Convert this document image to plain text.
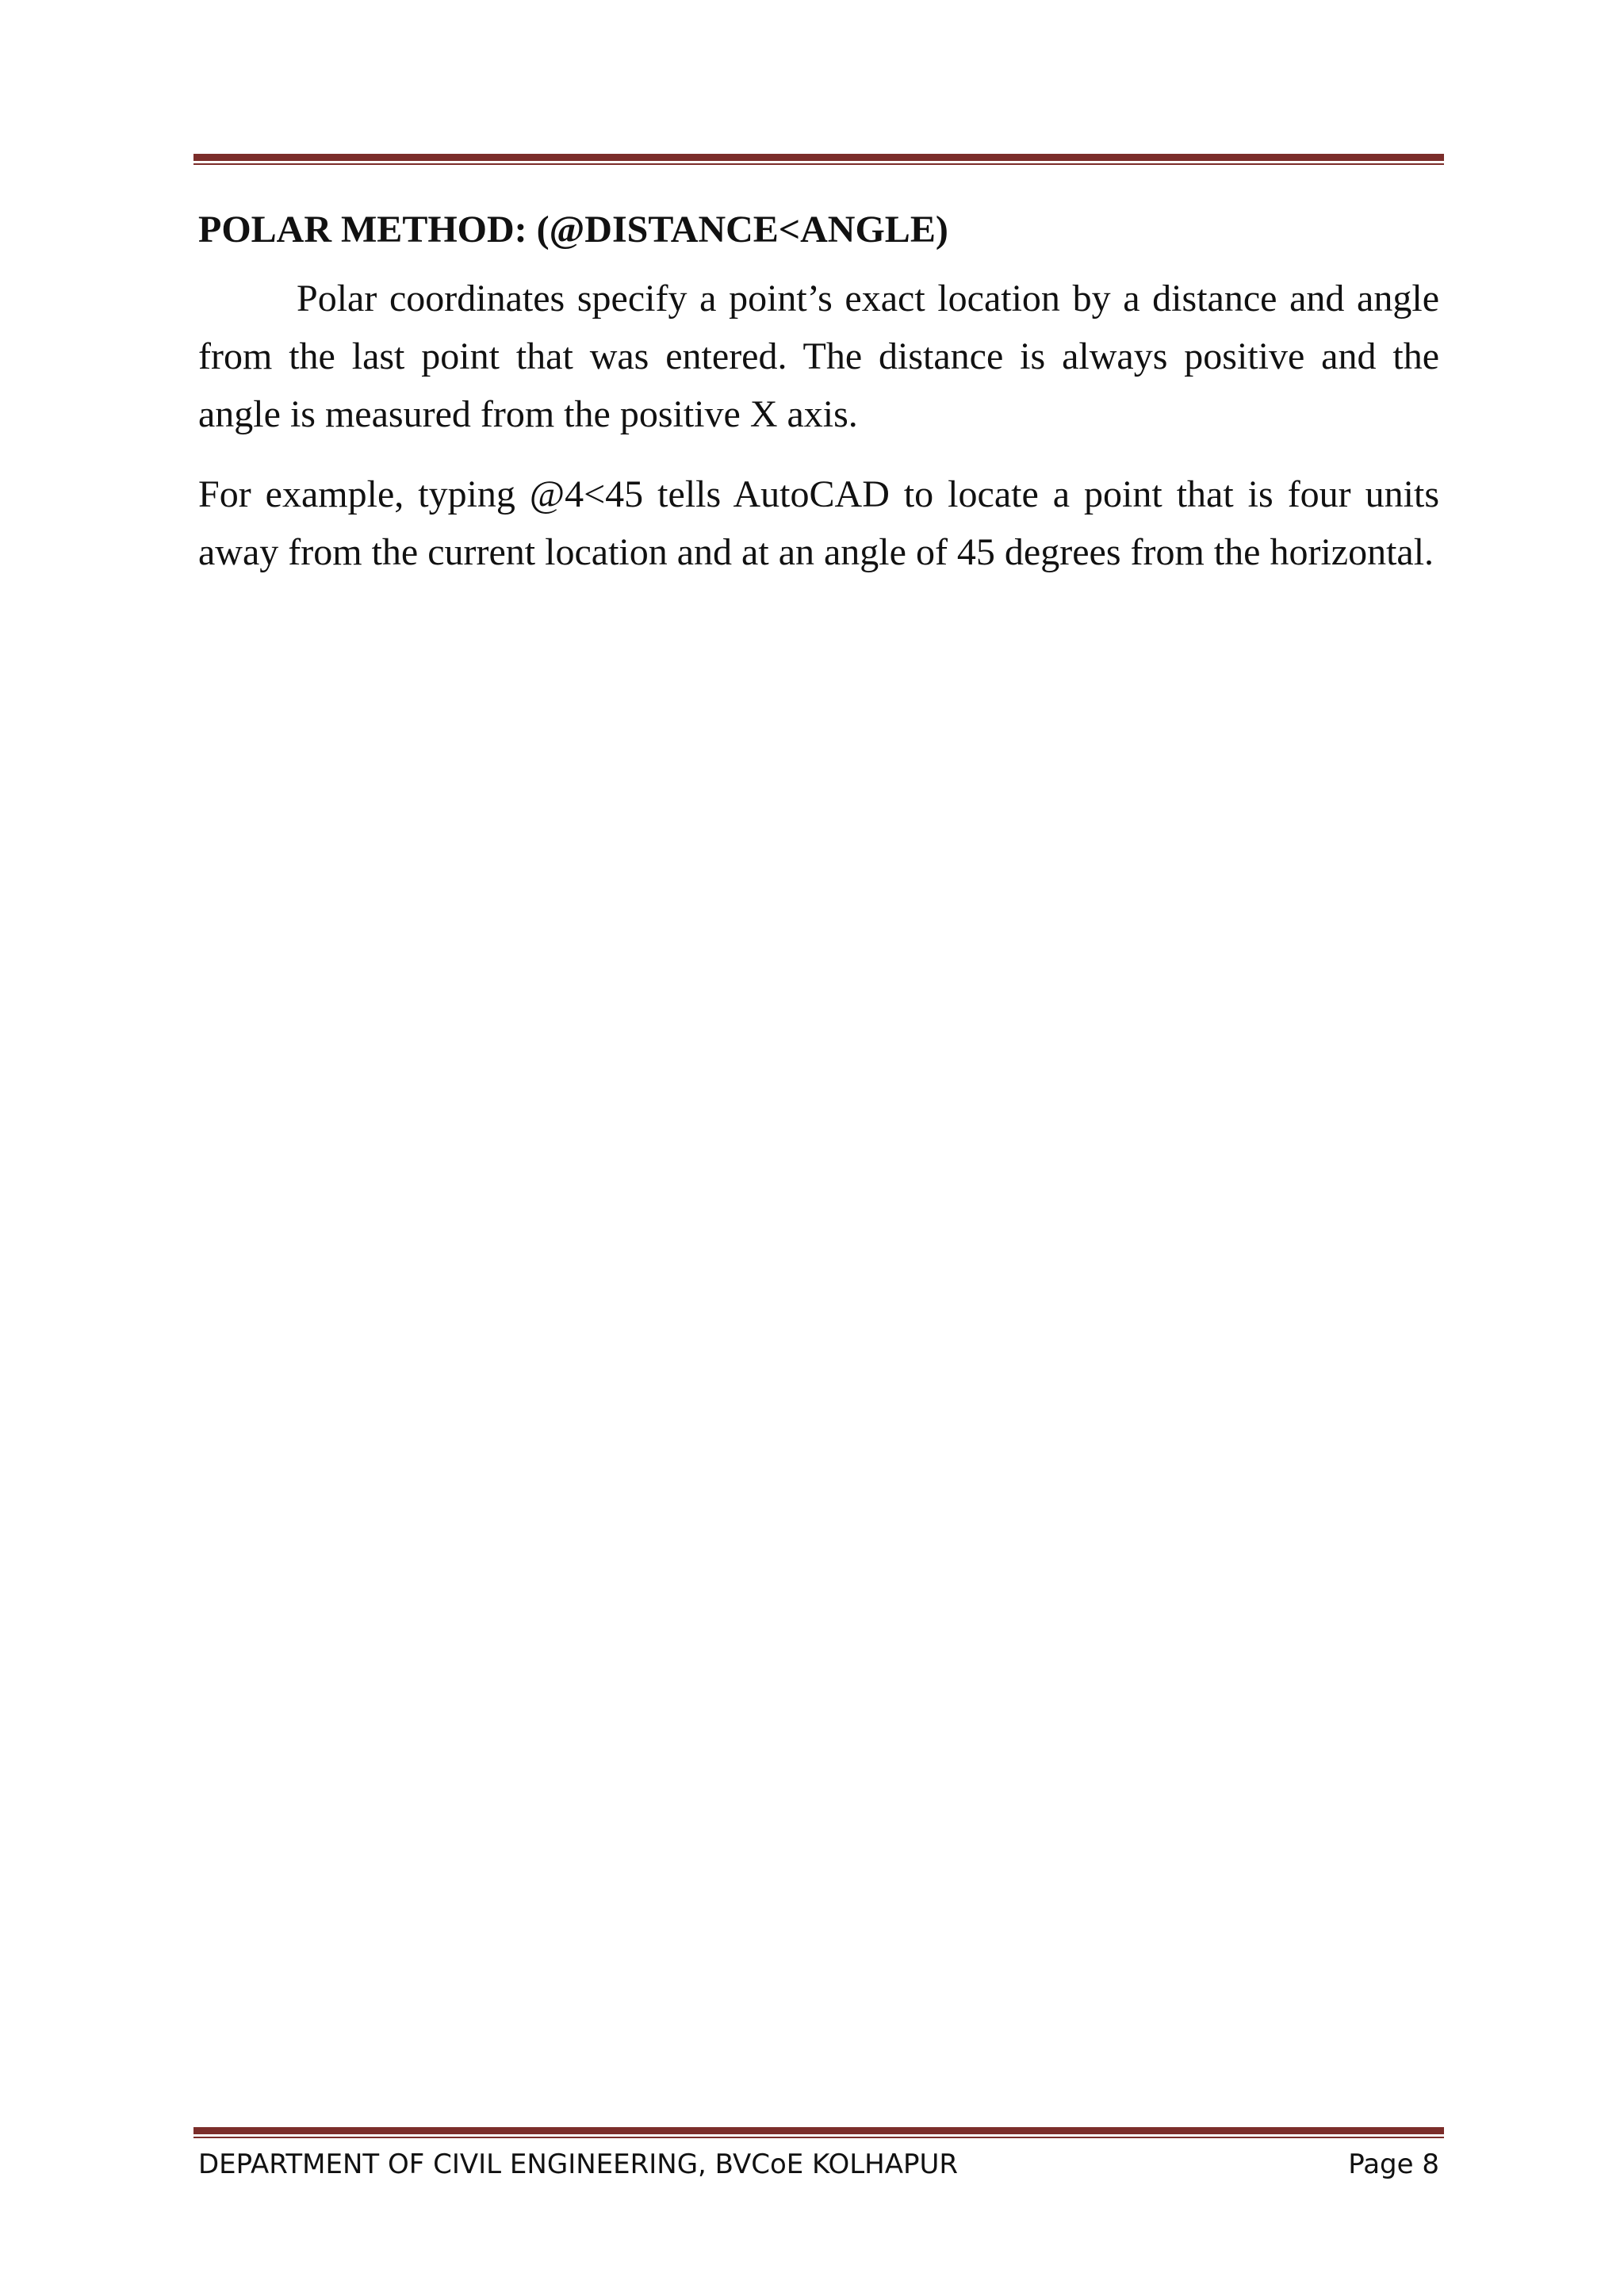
POLAR METHOD: (@DISTANCE<ANGLE)

Polar coordinates specify a point’s exact location by a distance and angle from the last point that was entered. The distance is always positive and the angle is measured from the positive X axis.

For example, typing @4<45 tells AutoCAD to locate a point that is four units away from the current location and at an angle of 45 degrees from the horizontal.

DEPARTMENT OF CIVIL ENGINEERING, BVCoE KOLHAPUR	Page 8
